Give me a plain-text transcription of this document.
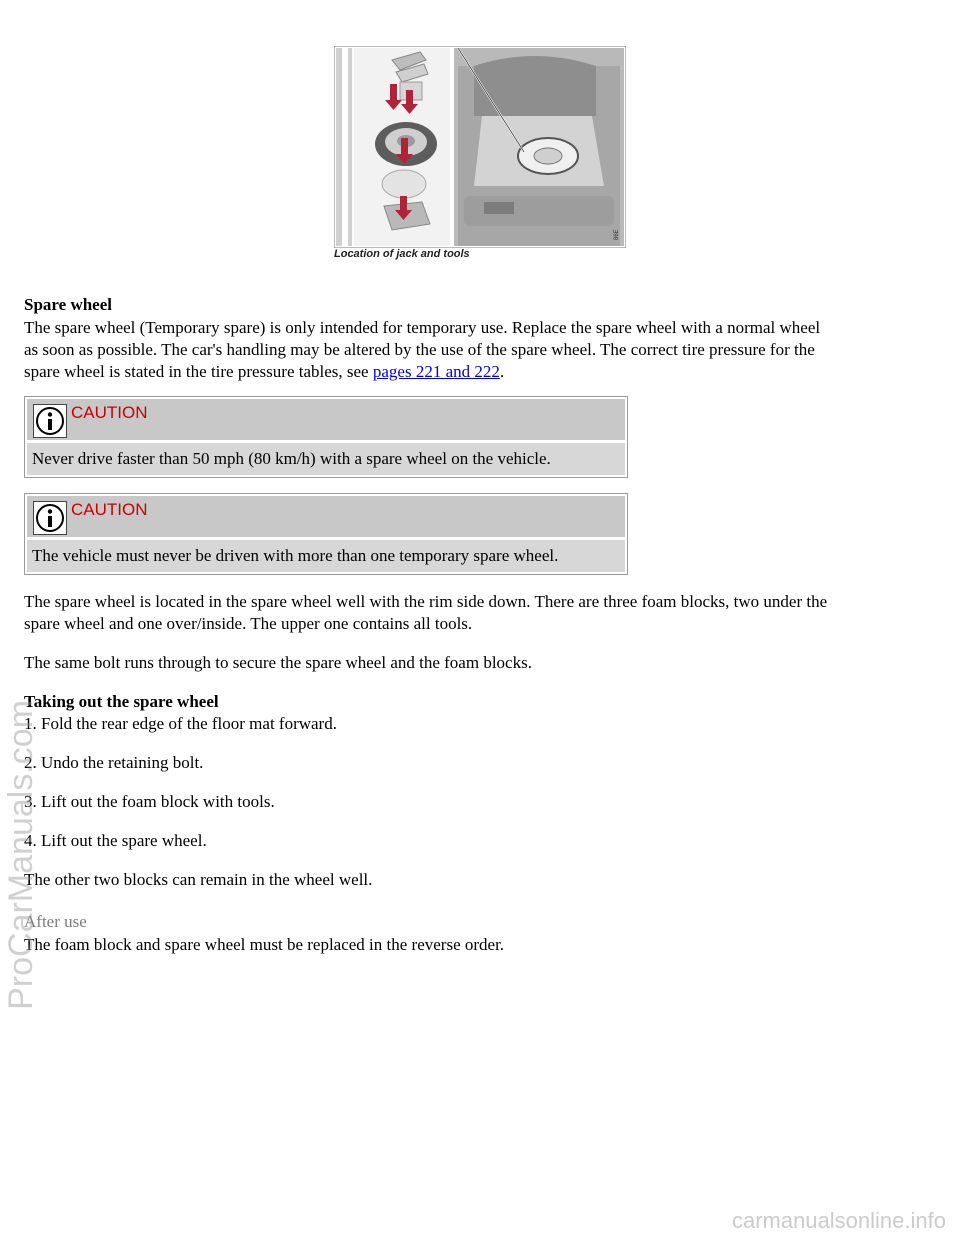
86E
Location of jack and tools
Spare wheel
The spare wheel (Temporary spare) is only intended for temporary use. Replace the spare wheel with a normal wheel
as soon as possible. The car's handling may be altered by the use of the spare wheel. The correct tire pressure for the
spare wheel is stated in the tire pressure tables, see pages 221 and 222.
CAUTION
Never drive faster than 50 mph (80 km/h) with a spare wheel on the vehicle.
CAUTION
The vehicle must never be driven with more than one temporary spare wheel.
The spare wheel is located in the spare wheel well with the rim side down. There are three foam blocks, two under the
spare wheel and one over/inside. The upper one contains all tools.
The same bolt runs through to secure the spare wheel and the foam blocks.
Taking out the spare wheel
1. Fold the rear edge of the floor mat forward.
2. Undo the retaining bolt.
3. Lift out the foam block with tools.
4. Lift out the spare wheel.
The other two blocks can remain in the wheel well.
After use
The foam block and spare wheel must be replaced in the reverse order.
ProCarManuals.com
carmanualsonline.info
